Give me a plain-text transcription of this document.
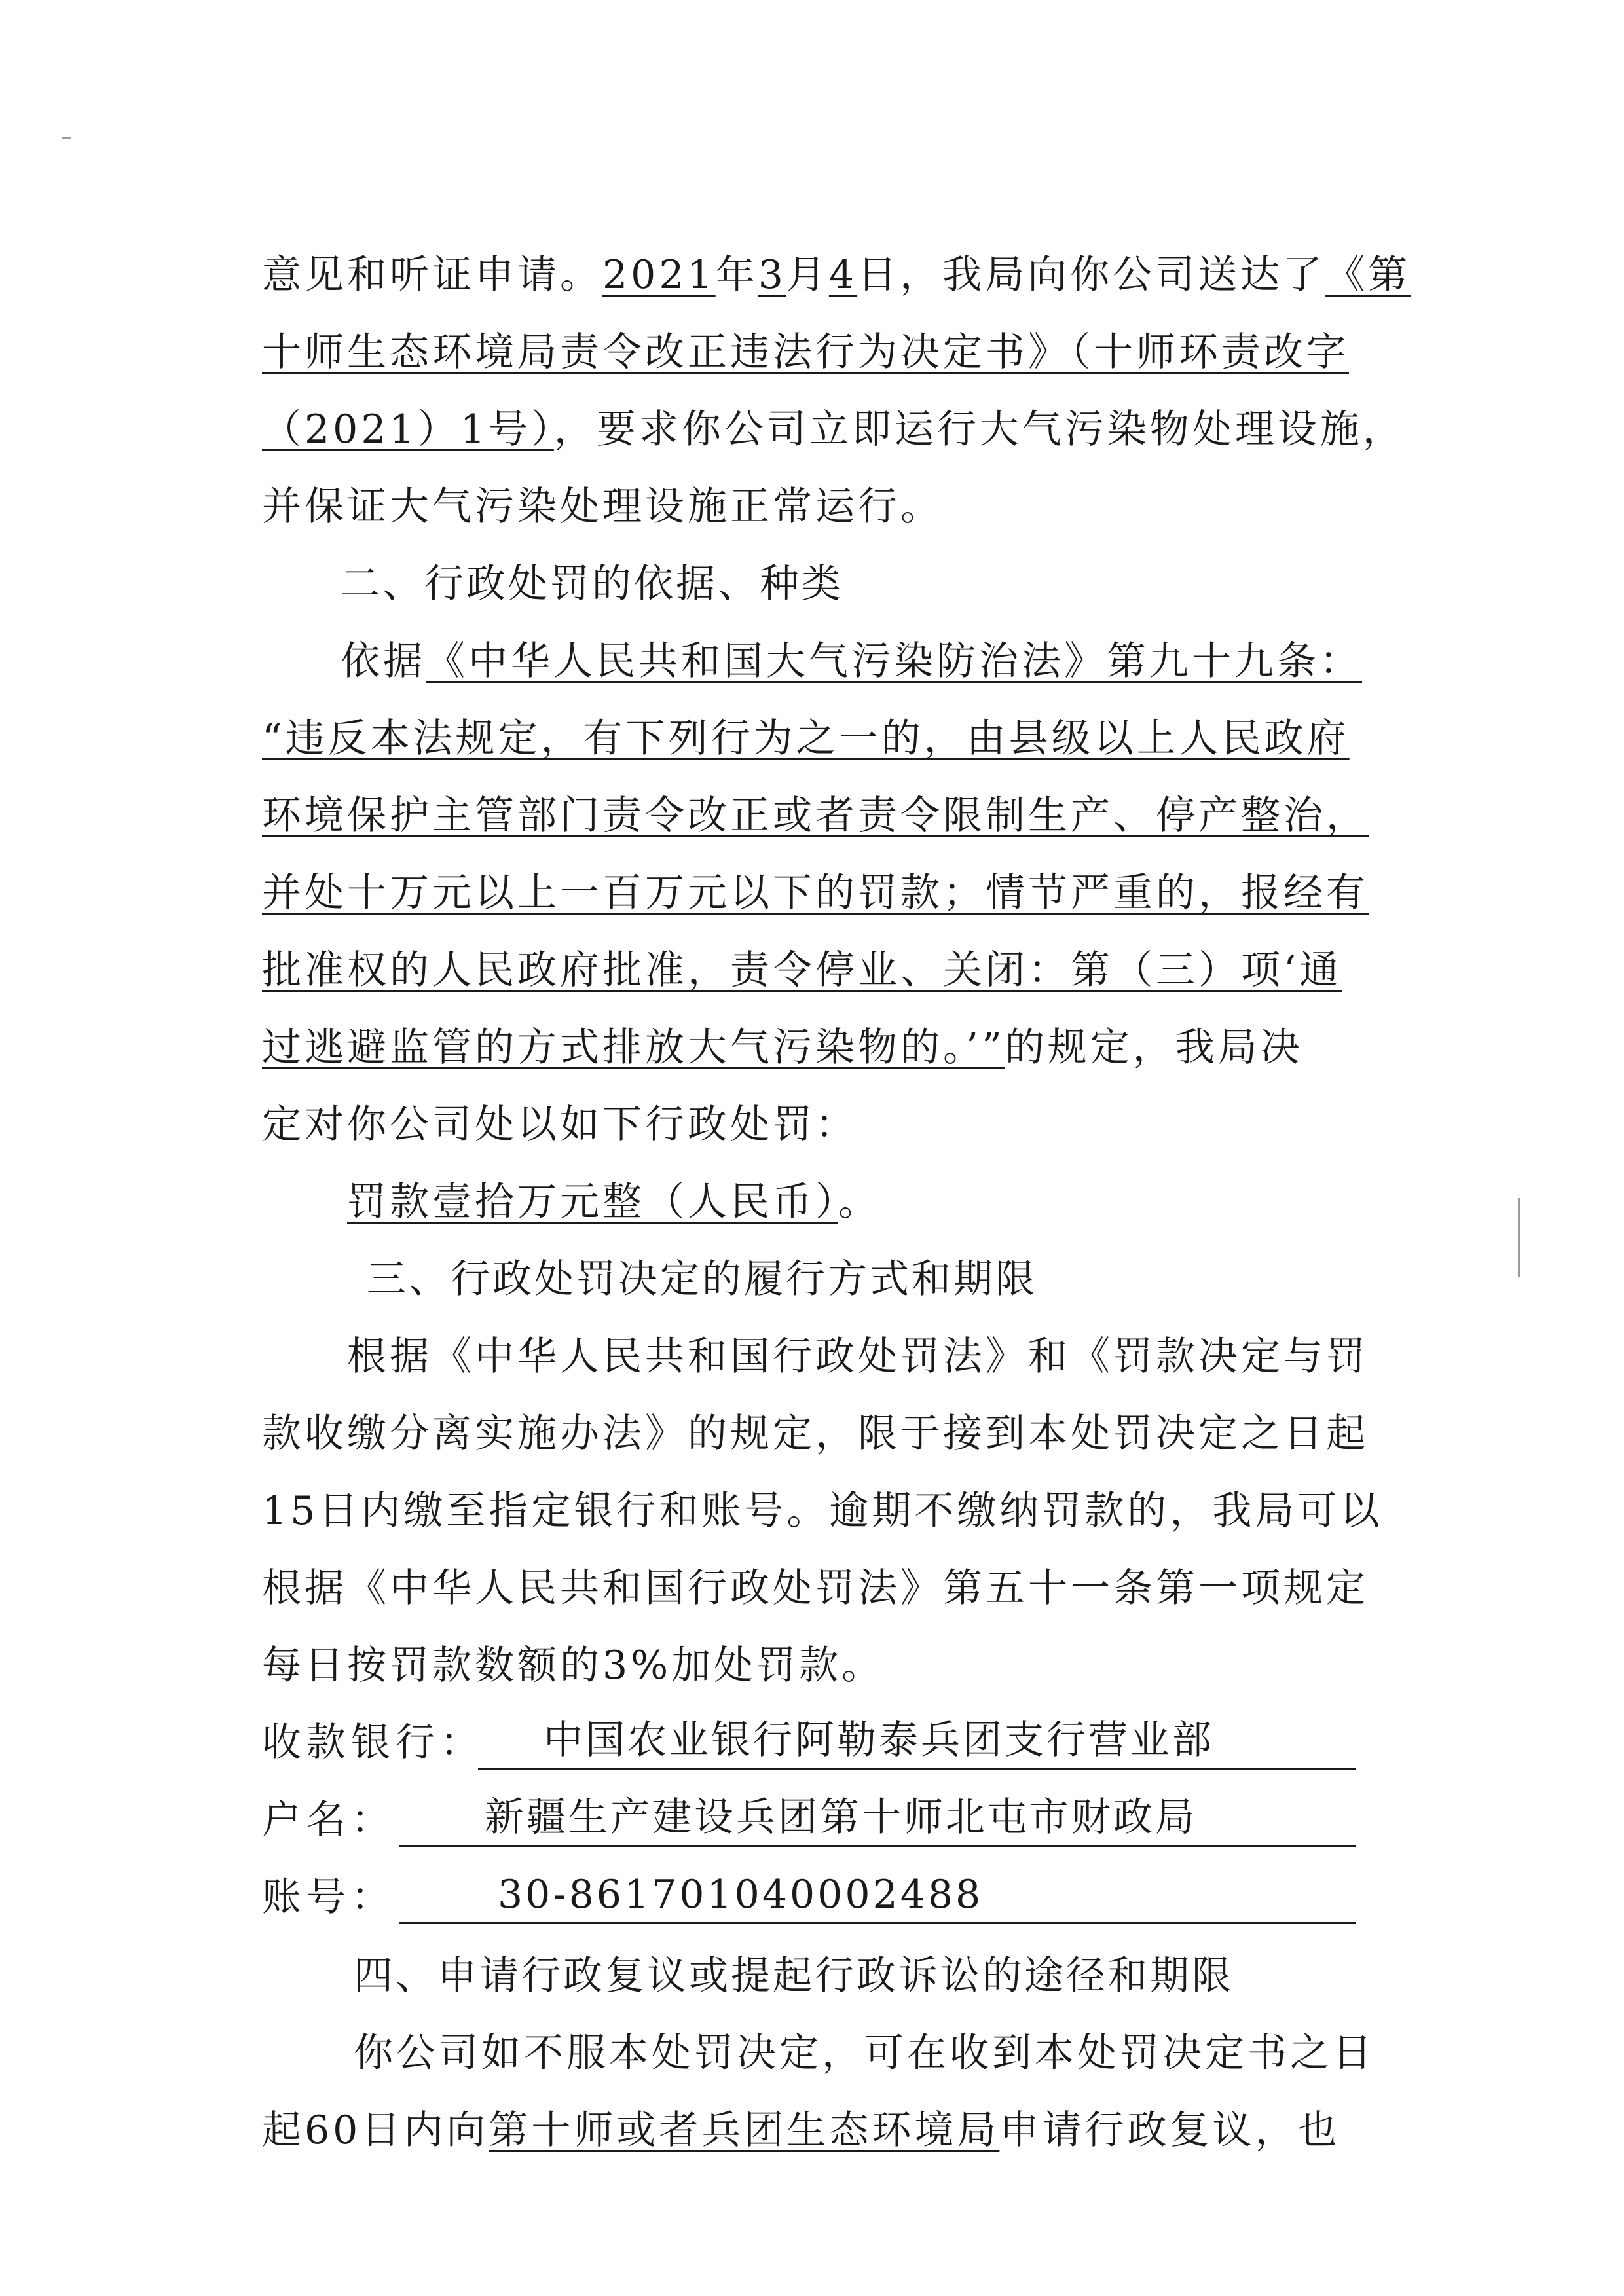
意见和听证申请。2021年3月4日，我局向你公司送达了《第
十师生态环境局责令改正违法行为决定书》（十师环责改字
（2021）1号），要求你公司立即运行大气污染物处理设施，
并保证大气污染处理设施正常运行。
二、行政处罚的依据、种类
依据《中华人民共和国大气污染防治法》第九十九条：
“违反本法规定，有下列行为之一的，由县级以上人民政府
环境保护主管部门责令改正或者责令限制生产、停产整治，
并处十万元以上一百万元以下的罚款；情节严重的，报经有
批准权的人民政府批准，责令停业、关闭：第（三）项‘通
过逃避监管的方式排放大气污染物的。’”的规定，我局决
定对你公司处以如下行政处罚：
罚款壹拾万元整（人民币）。
三、行政处罚决定的履行方式和期限
根据《中华人民共和国行政处罚法》和《罚款决定与罚
款收缴分离实施办法》的规定，限于接到本处罚决定之日起
15日内缴至指定银行和账号。逾期不缴纳罚款的，我局可以
根据《中华人民共和国行政处罚法》第五十一条第一项规定
每日按罚款数额的3%加处罚款。
收款银行： 中国农业银行阿勒泰兵团支行营业部
户名： 新疆生产建设兵团第十师北屯市财政局
账号：	30-861701040002488
四、申请行政复议或提起行政诉讼的途径和期限
你公司如不服本处罚决定，可在收到本处罚决定书之日
起60日内向第十师或者兵团生态环境局申请行政复议，也
